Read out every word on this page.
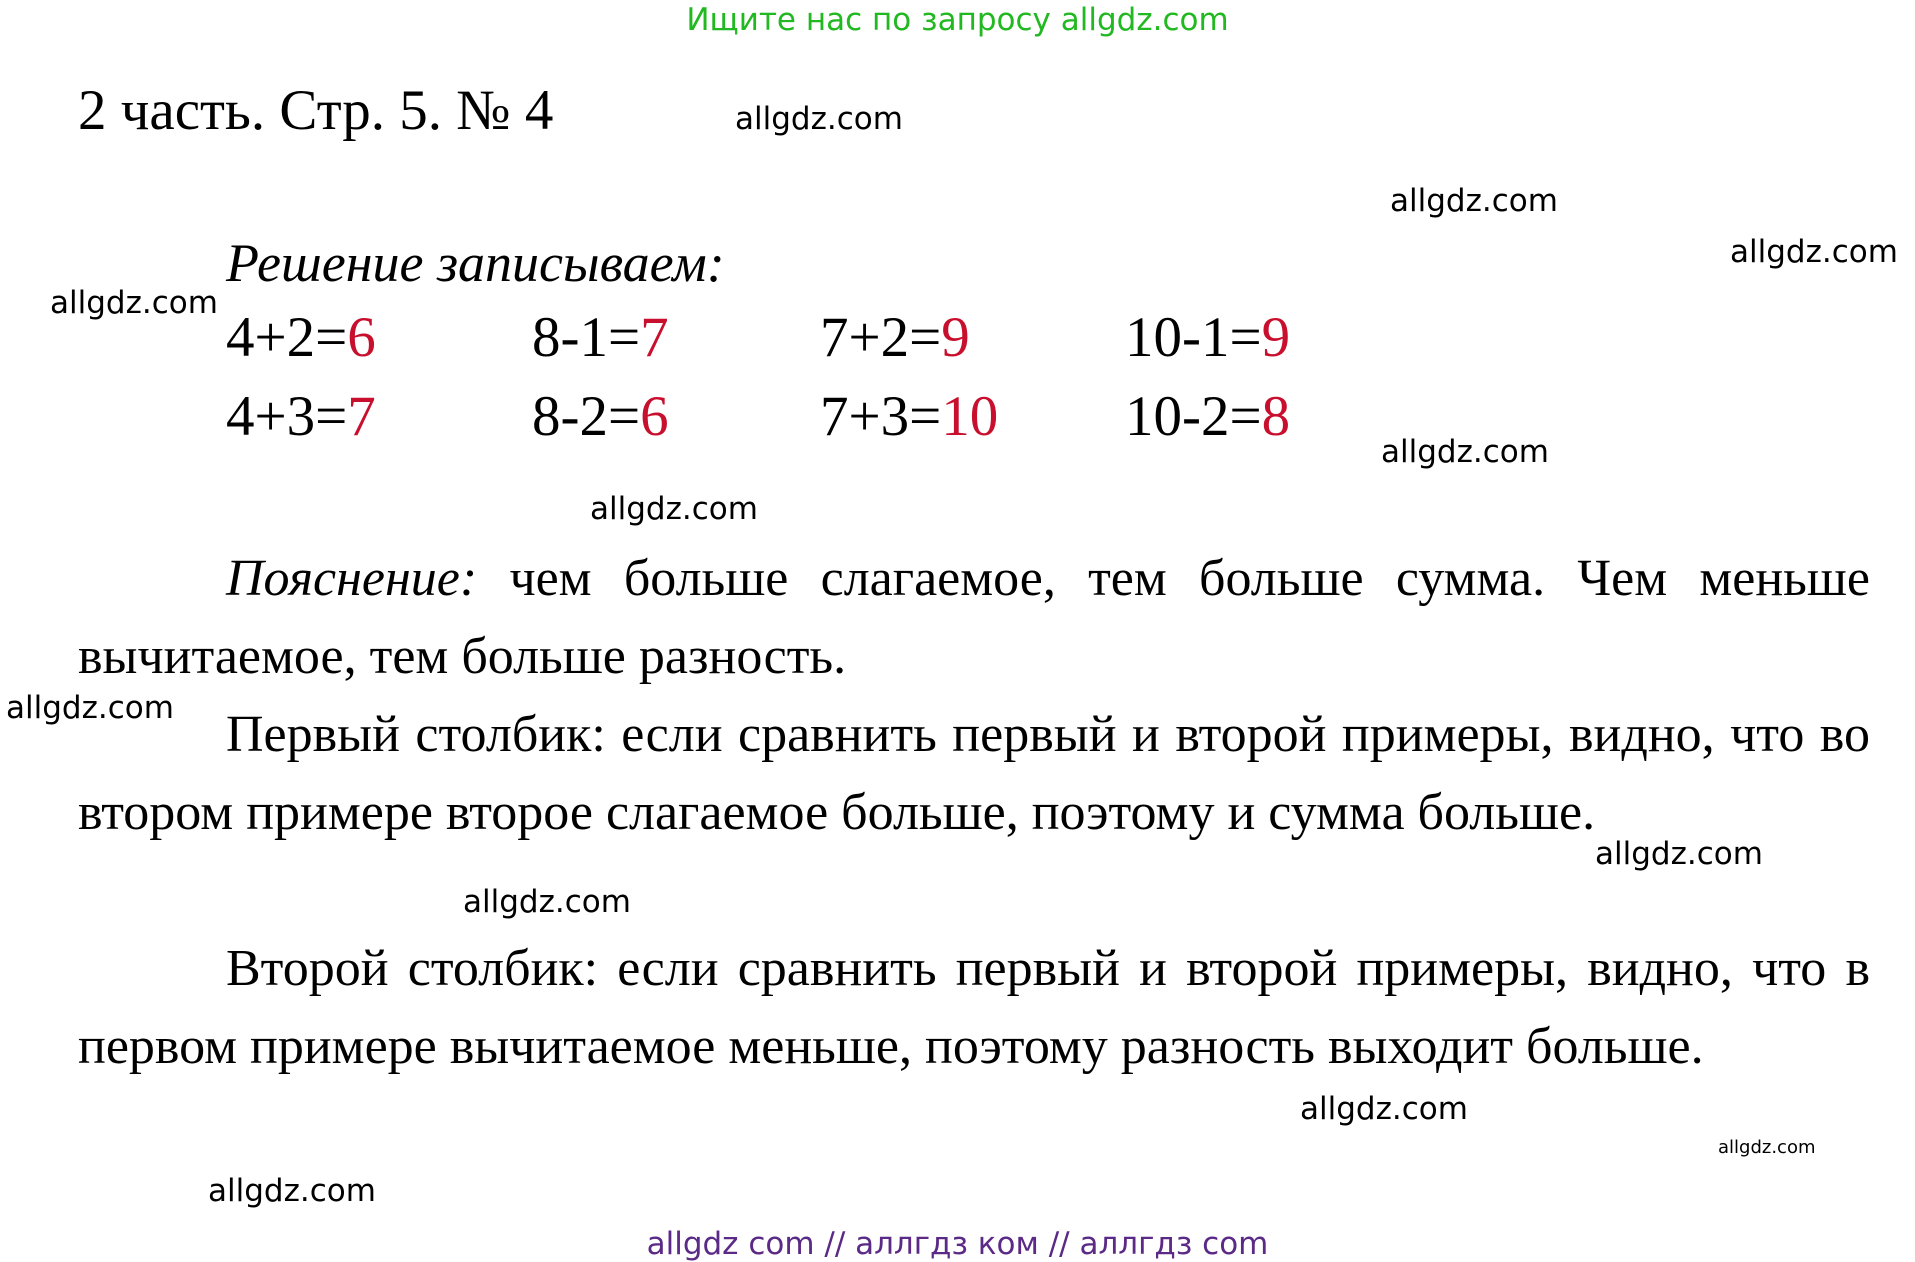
Ищите нас по запросу allgdz.com
2 часть. Стр. 5. № 4
Решение записываем:
4+2=6	8-1=7	7+2=9	10-1=9
4+3=7	8-2=6	7+3=10 10-2=8
Пояснение: чем больше слагаемое, тем больше сумма. Чем меньше вычитаемое, тем больше разность.
Первый столбик: если сравнить первый и второй примеры, видно, что во втором примере второе слагаемое больше, поэтому и сумма больше.
Второй столбик: если сравнить первый и второй примеры, видно, что в первом примере вычитаемое меньше, поэтому разность выходит больше.
allgdz.com
allgdz.com
allgdz.com
allgdz.com
allgdz.com
allgdz.com
allgdz.com
allgdz.com
allgdz.com
allgdz.com
allgdz.com
allgdz.com
allgdz com // аллгдз ком // аллгдз com
